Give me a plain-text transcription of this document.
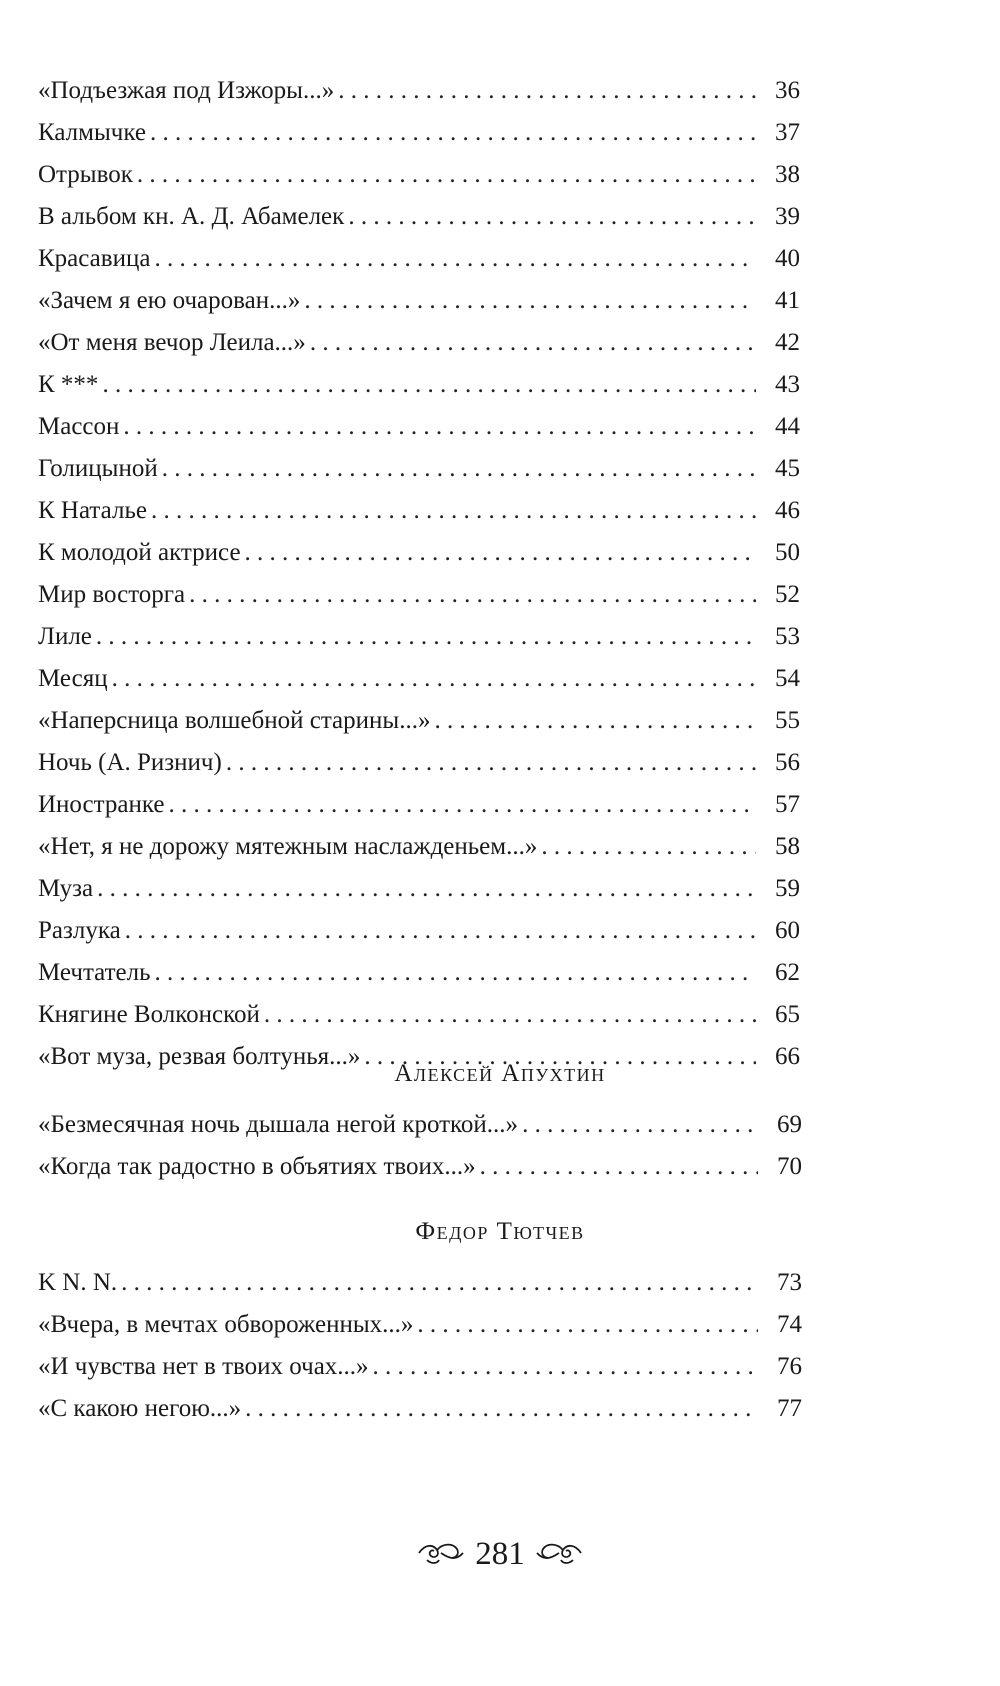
«Подъезжая под Изжоры...» . . .	36
Калмычке . . .	37
Отрывок . . .	38
В альбом кн. А. Д. Абамелек . . .	39
Красавица . . .	40
«Зачем я ею очарован...» . . .	41
«От меня вечор Леила...» . . .	42
К *** . . .	43
Массон . . .	44
Голицыной . . .	45
К Наталье . . .	46
К молодой актрисе . . .	50
Мир восторга . . .	52
Лиле . . .	53
Месяц . . .	54
«Наперсница волшебной старины...» . . .	55
Ночь (А. Ризнич) . . .	56
Иностранке . . .	57
«Нет, я не дорожу мятежным наслажденьем...» . . .	58
Муза . . .	59
Разлука . . .	60
Мечтатель . . .	62
Княгине Волконской . . .	65
«Вот муза, резвая болтунья...» . . .	66
Алексей Апухтин
«Безмесячная ночь дышала негой кроткой...» . . .	69
«Когда так радостно в объятиях твоих...» . . .	70
Федор Тютчев
K N. N. . . .	73
«Вчера, в мечтах обвороженных...» . . .	74
«И чувства нет в твоих очах...» . . .	76
«С какою негою...» . . .	77
281
